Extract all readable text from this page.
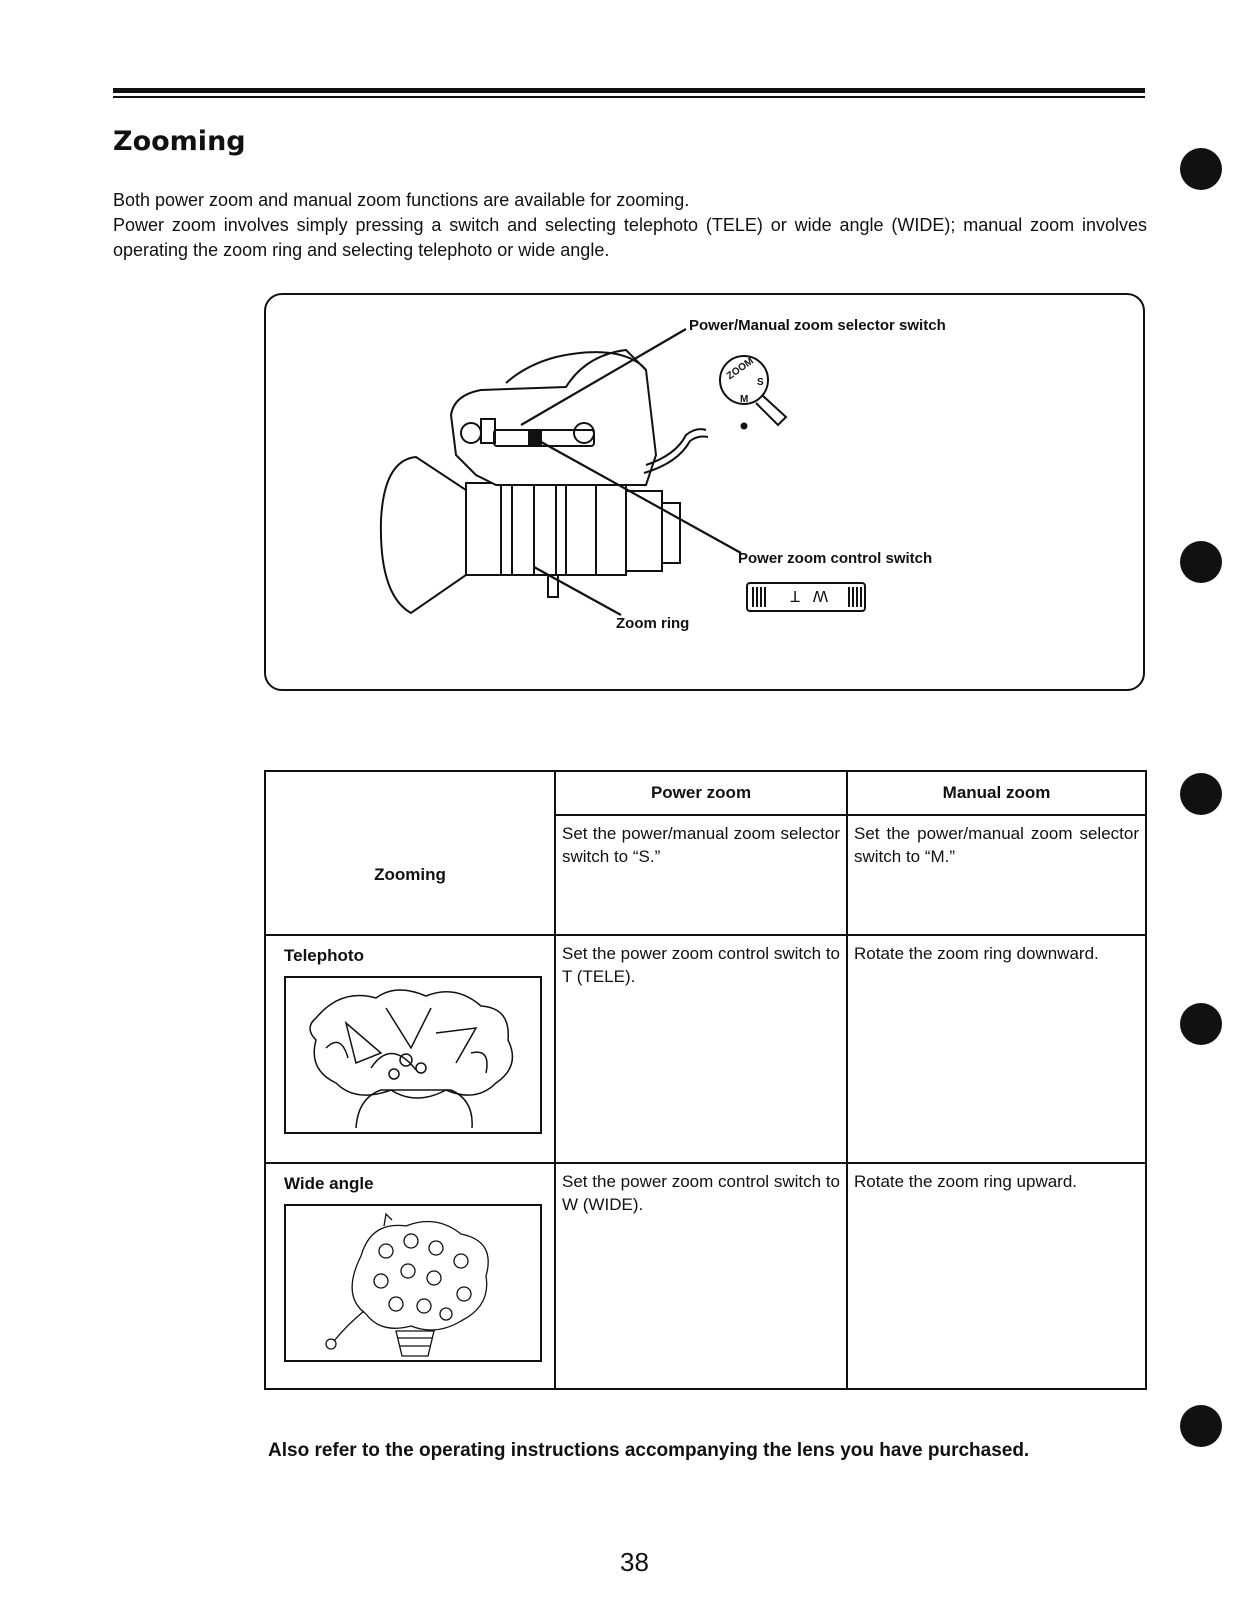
Zooming

Both power zoom and manual zoom functions are available for zooming.

Power zoom involves simply pressing a switch and selecting telephoto (TELE) or wide angle (WIDE); manual zoom involves operating the zoom ring and selecting telephoto or wide angle.

ZOOM
S
M
T W
Power/Manual zoom selector switch
Power zoom control switch
Zoom ring
	Power zoom	Manual zoom
Zooming	Set the power/manual zoom selector switch to “S.”	Set the power/manual zoom selector switch to “M.”

Telephoto	Set the power zoom control switch to T (TELE).	Rotate the zoom ring downward.

Wide angle	Set the power zoom control switch to W (WIDE).	Rotate the zoom ring upward.
Also refer to the operating instructions accompanying the lens you have purchased.
38
